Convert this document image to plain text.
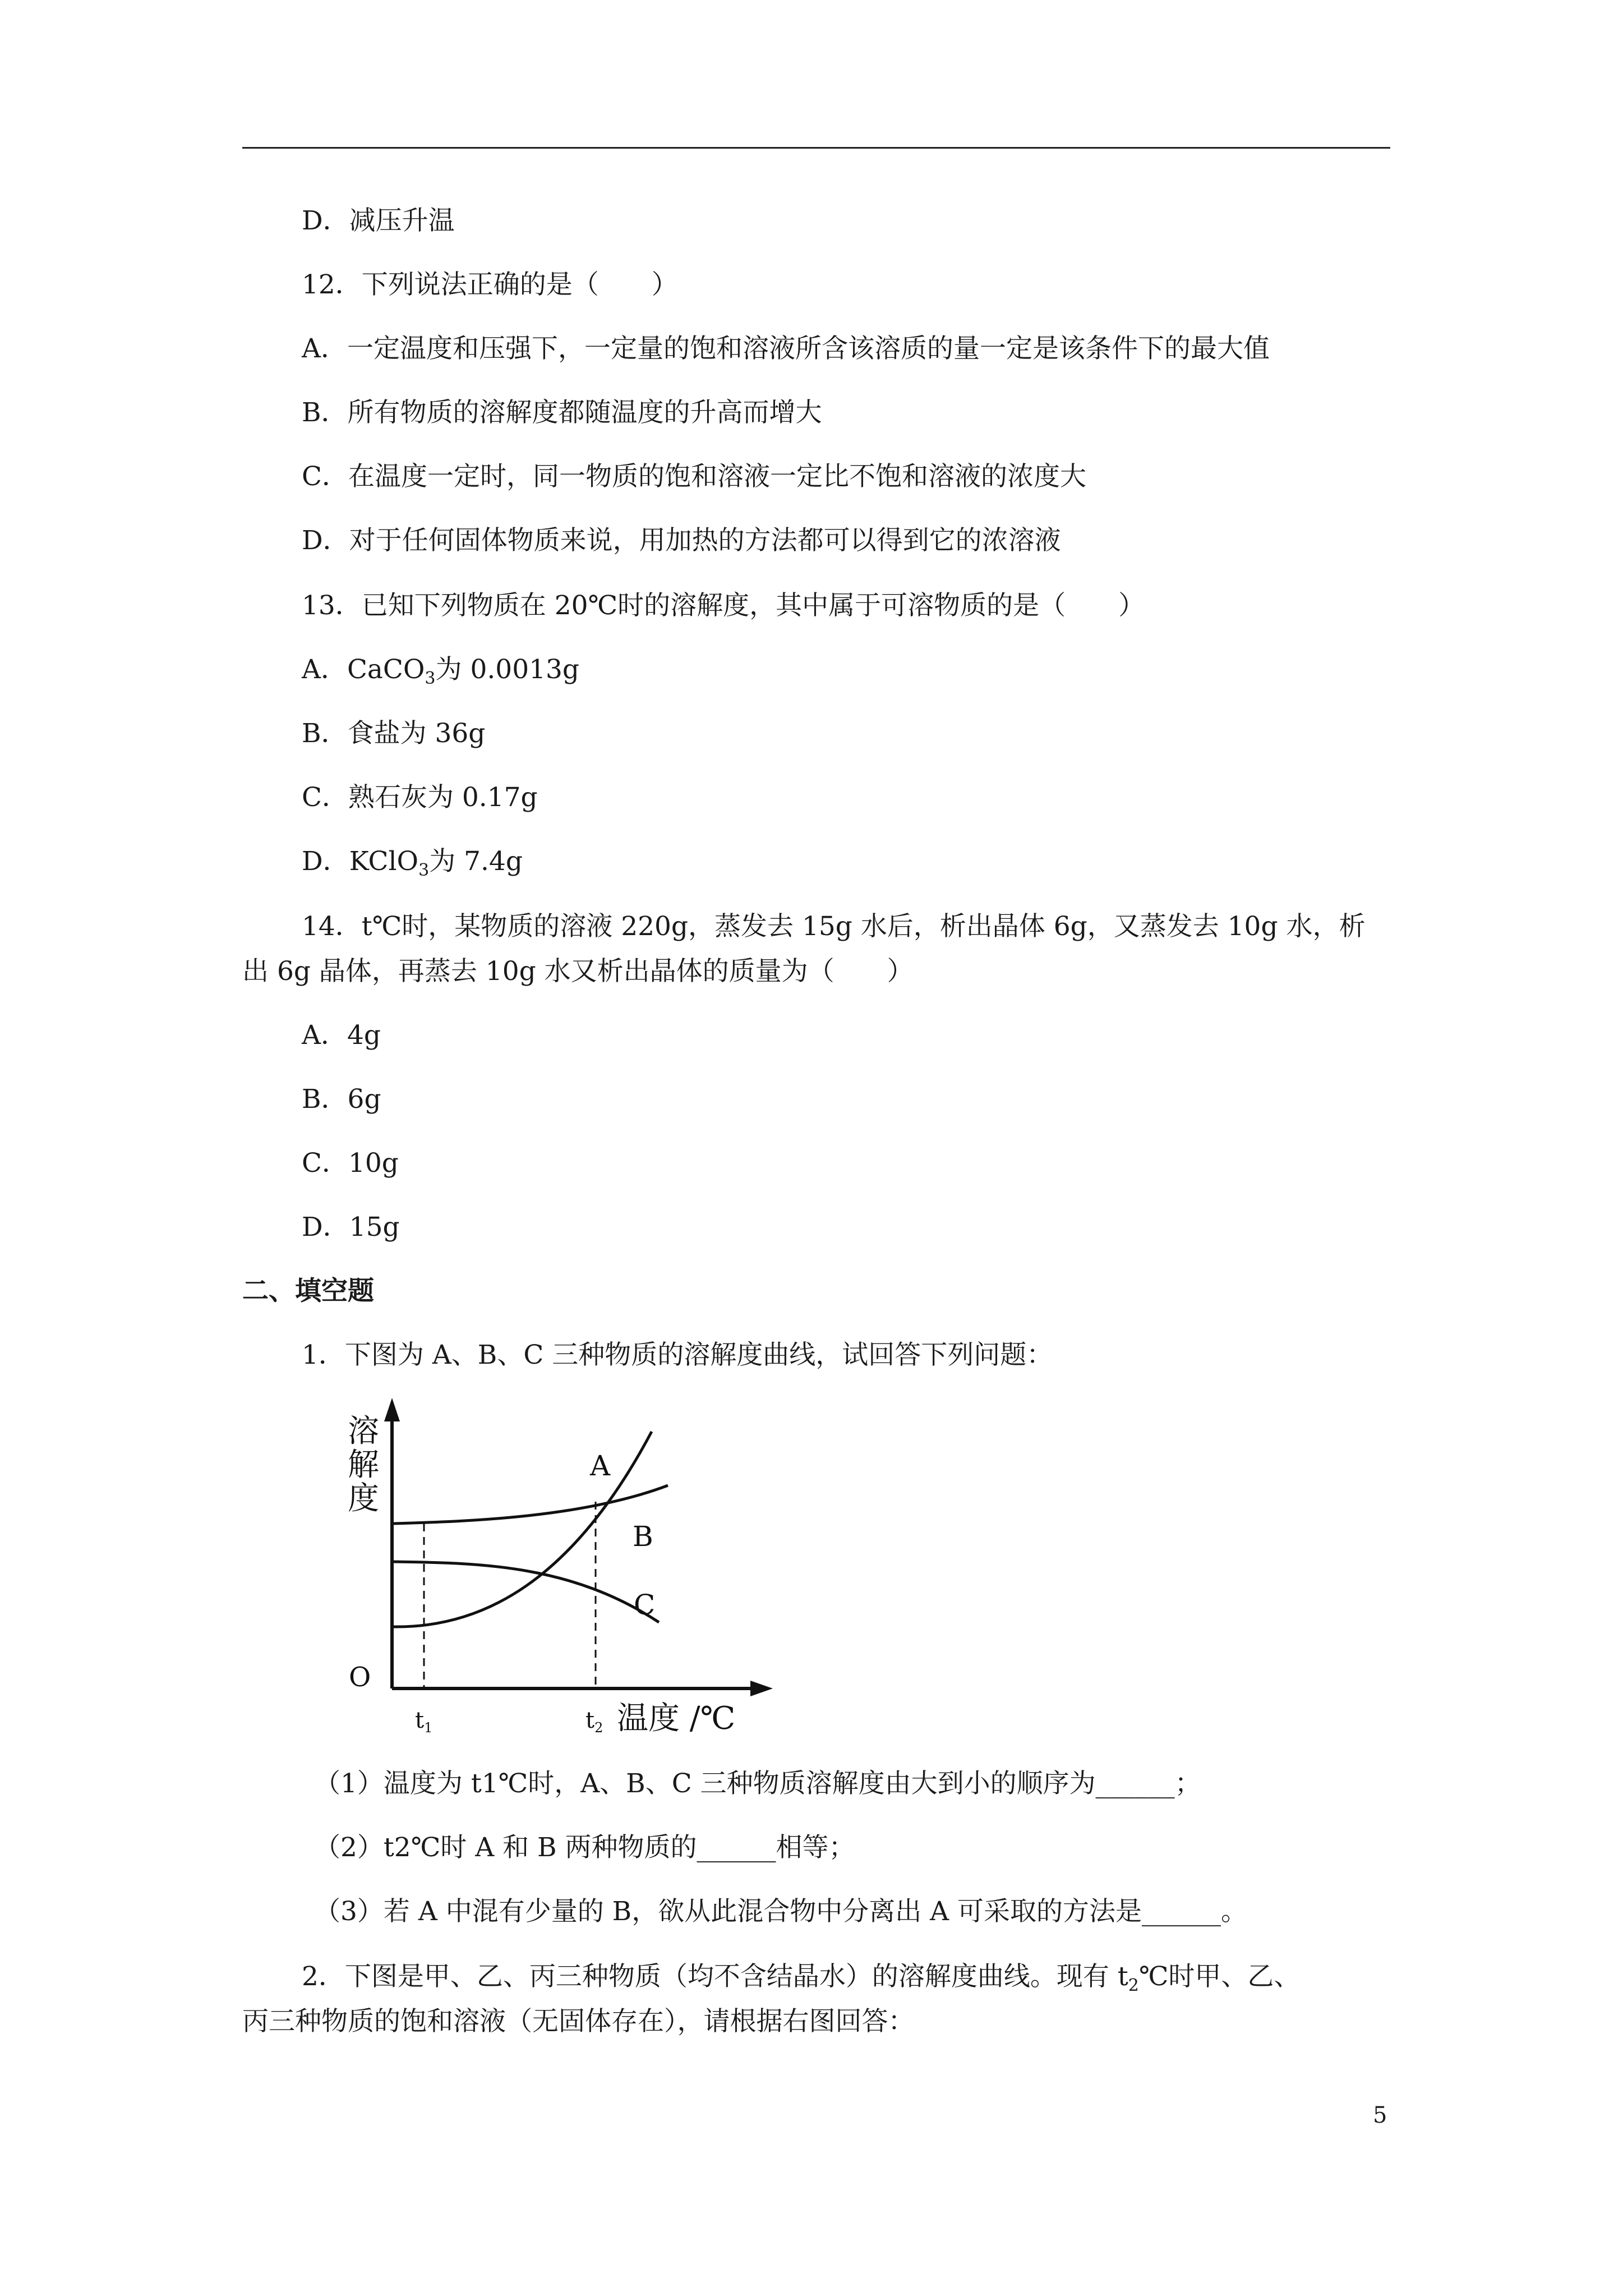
D．减压升温
12．下列说法正确的是（　　）
A．一定温度和压强下，一定量的饱和溶液所含该溶质的量一定是该条件下的最大值
B．所有物质的溶解度都随温度的升高而增大
C．在温度一定时，同一物质的饱和溶液一定比不饱和溶液的浓度大
D．对于任何固体物质来说，用加热的方法都可以得到它的浓溶液
13．已知下列物质在 20℃时的溶解度，其中属于可溶物质的是（　　）
A．CaCO$_3$为 0.0013g
B．食盐为 36g
C．熟石灰为 0.17g
D．KClO$_3$为 7.4g
14．t℃时，某物质的溶液 220g，蒸发去 15g 水后，析出晶体 6g，又蒸发去 10g 水，析
出 6g 晶体，再蒸去 10g 水又析出晶体的质量为（　　）
A．4g
B．6g
C．10g
D．15g
二、填空题
1．下图为 A、B、C 三种物质的溶解度曲线，试回答下列问题：
溶
解
度
O
$t_1$	$t_2$ 温度 /℃
A
B
C
（1）温度为 t1℃时，A、B、C 三种物质溶解度由大到小的顺序为______；
（2）t2℃时 A 和 B 两种物质的______相等；
（3）若 A 中混有少量的 B，欲从此混合物中分离出 A 可采取的方法是______。
2．下图是甲、乙、丙三种物质（均不含结晶水）的溶解度曲线。现有 $t_2℃$时甲、乙、
丙三种物质的饱和溶液（无固体存在），请根据右图回答：
5
